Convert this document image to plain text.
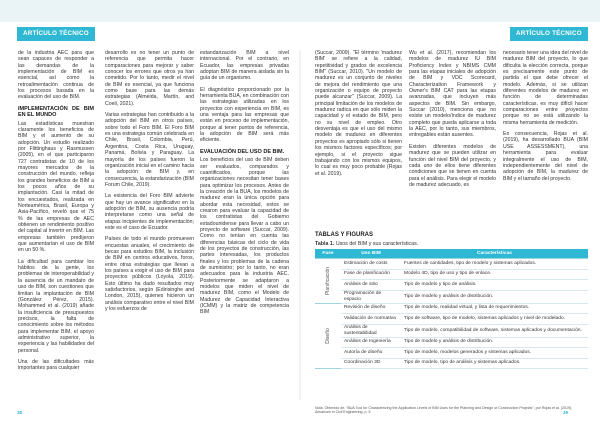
ARTÍCULO TÉCNICO	ARTÍCULO TÉCNICO

de la industria AEC para que sean capaces de responder a las demandas de la implementación de BIM es esencial, así como la retroalimentación continua de los procesos basada en la evaluación del uso de BIM.

IMPLEMENTACIÓN DE BIM EN EL MUNDO

Las estadísticas muestran claramente los beneficios de BIM y el aumento de su adopción. Un estudio realizado por Flittinghaus y Rasmussen (2005), en el que participaron 727 contratistas de 10 de los mayores mercados de la construcción del mundo, refleja los grandes beneficios de BIM a los pocos años de su implantación. Casi la mitad de los encuestados, realizada en Norteamérica, Brasil, Europa y Asia-Pacífico, reveló que el 75 % de las empresas de AEC obtienen un rendimiento positivo del capital al invertir en BIM. Las empresas también predijeron que aumentarían el uso de BIM en un 50 %.

La dificultad para cambiar los hábitos de la gente, los problemas de interoperabilidad y la ausencia de un mandato de uso de BIM, son cuestiones que limitan la implantación de BIM (González Pérez, 2015). Mohammed et al. (2019) añade la insuficiencia de presupuestos precisos, la falta de conocimiento sobre los métodos para implementar BIM, el apoyo administrativo superior, la experiencia y las habilidades del personal.

Una de las dificultades más importantes para cualquier

desarrollo es no tener un punto de referencia que permita hacer comparaciones para mejorar y saber conocer los errores que otros ya han cometido. Por lo tanto, medir el nivel de BIM es esencial, ya que funciona como base para las demás estrategias (Almeida, Martín, and Coeli, 2021).

Varias estrategias han contribuido a la adopción del BIM en otros países, sobre todo el Foro BIM. El Foro BIM es una estrategia común celebrada en Chile, Brasil, Colombia, Perú, Argentina, Costa Rica, Uruguay, Panamá, Bolivia y Paraguay. La mayoría de los países fueron la organización inicial en el camino hacia la adopción de BIM y, en consecuencia, la estandarización (BIM Forum Chile, 2019).

La existencia del Foro BIM advierte que hay un avance significativo en la adopción de BIM, su ausencia podría interpretarse como una señal de etapas incipientes de implementación; este es el caso de Ecuador.

Países de todo el mundo promueven encuestas anuales, el crecimiento de becas para estudios BIM, la inclusión de BIM en centros educativos, foros, entre otras estrategias que llevan a los países a exigir el uso de BIM para proyectos públicos (Loyola, 2019). Esto último ha dado resultados muy satisfactorios, según (Edirisinghe and London, 2015), quienes hicieron un análisis comparativo entre el nivel BIM y los esfuerzos de

estandarización BIM a nivel internacional. Por el contrario, en Ecuador, las empresas privadas adoptan BIM de manera aislada sin la guía de un organismo.

El diagnóstico proporcionado por la herramienta BUA, en combinación con las estrategias utilizadas en los proyectos con experiencia en BIM, es una ventaja para las empresas que están en proceso de implementación, porque al tener puntos de referencia, la adopción de BIM será más eficiente.

EVALUACIÓN DEL USO DE BIM.

Los beneficios del uso de BIM deben ser evaluados, comparados y cuantificados, porque las organizaciones necesitan tener bases para optimizar los procesos. Antes de la creación de la BUA, los modelos de madurez eran la única opción para abordar esta necesidad, estos se crearon para evaluar la capacidad de los contratistas del Gobierno estadounidense para llevar a cabo un proyecto de software (Succar, 2009). Como no tenían en cuenta las diferencias básicas del ciclo de vida de los proyectos de construcción, las partes interesadas, los productos finales y los problemas de la cadena de suministro; por lo tanto, no eran adecuados para la industria AEC. Posteriormente se adaptaron a modelos que miden el nivel de madurez BIM, como el Modelo de Madurez de Capacidad Interactiva (ICMM) y la matriz de competencia BIM

(Succar, 2009). "El término 'madurez BIM' se refiere a la calidad, repetitividad y grados de excelencia BIM" (Succar, 2010). "Un modelo de madurez es un conjunto de niveles de mejora del rendimiento que una organización o equipo de proyecto puede alcanzar" (Succar, 2009). La principal limitación de los modelos de madurez radica en que sólo miden la capacidad y el estado de BIM, pero no su nivel de empleo. Otro desventaja es que el uso del mismo modelo de madurez en diferentes proyectos es apropiado sólo si tienen los mismos factores específicos; por ejemplo, si el proyecto sigue trabajando con los mismos equipos, lo cual es muy poco probable (Rojas et al. 2019).

Wu et al. (2017), recomiendan los modelos de madurez IU BIM Proficiency Index y NBIMS CMM para las etapas iniciales de adopción de BIM y VDC Scorecard, Characterization Framework y Owner's BIM CAT para las etapas avanzadas, que incluyen más aspectos de BIM. Sin embargo, Succar (2010), menciona que no existe un modelo/índice de madurez completo que pueda aplicarse a toda la AEC, por lo tanto, sus miembros, entregables están ausentes.

Existen diferentes modelos de madurez que se pueden utilizar en función del nivel BIM del proyecto, y cada uno de ellos tiene diferentes condiciones que se tienen en cuenta para el análisis. Para elegir el modelo de madurez adecuado, es

necesario tener una idea del nivel de madurez BIM del proyecto, lo que dificulta la elección correcta, porque es precisamente este punto de partida el que debe ofrecer el modelo. Además, si se utilizan diferentes modelos de madurez en función de determinadas características, es muy difícil hacer comparaciones entre proyectos porque no se está utilizando la misma herramienta de medición.

En consecuencia, Rojas et al. (2019), ha desarrollado BUA (BIM USE ASSESSMENT), una herramienta para evaluar integralmente el uso de BIM, independientemente del nivel de adopción de BIM, la madurez de BIM y el tamaño del proyecto.

TABLAS Y FIGURAS
Tabla 1. Usos del BIM y sus características.
Fase	Uso BIM	Características

Planificación	Estimación de costs	Fuentes de cantidades, tipo de modelo y sistemas aplicados.
	Fase de planificación	Modelo 4D, tipo de uso y tipo de enlace.
	Análisis de sitio	Tipo de modelo y tipo de análisis.
	Programación de espacio	Tipo de modelo y análisis de distribución.

Diseño	Revisión de diseño	Tipo de modelo, realidad virtual, y lista de requerimientos.
	Validación de normativa	Tipo de software, tipo de modelo, sistemas aplicados y nivel de modelado.
	Análisis de sustentabilidad	Tipo de modelo, compatibilidad de software, sistemas aplicados y documentación.
	Análisis de Ingeniería	Tipo de modelo y análisis de distribución.
	Autoría de diseño	Tipo de modelo, modelos generados y sistemas aplicados.
	Coordinación 3D	Tipo de modelo, tipo de análisis y sistemas aplicados.
Nota. Obtenido de: "BUA Tool for Characterizing the Application Levels of BIM Uses for the Planning and Design of Construction Projects", por Rojas et al. (2019), Advances in Civil Engineering, p. 5.
38	39
